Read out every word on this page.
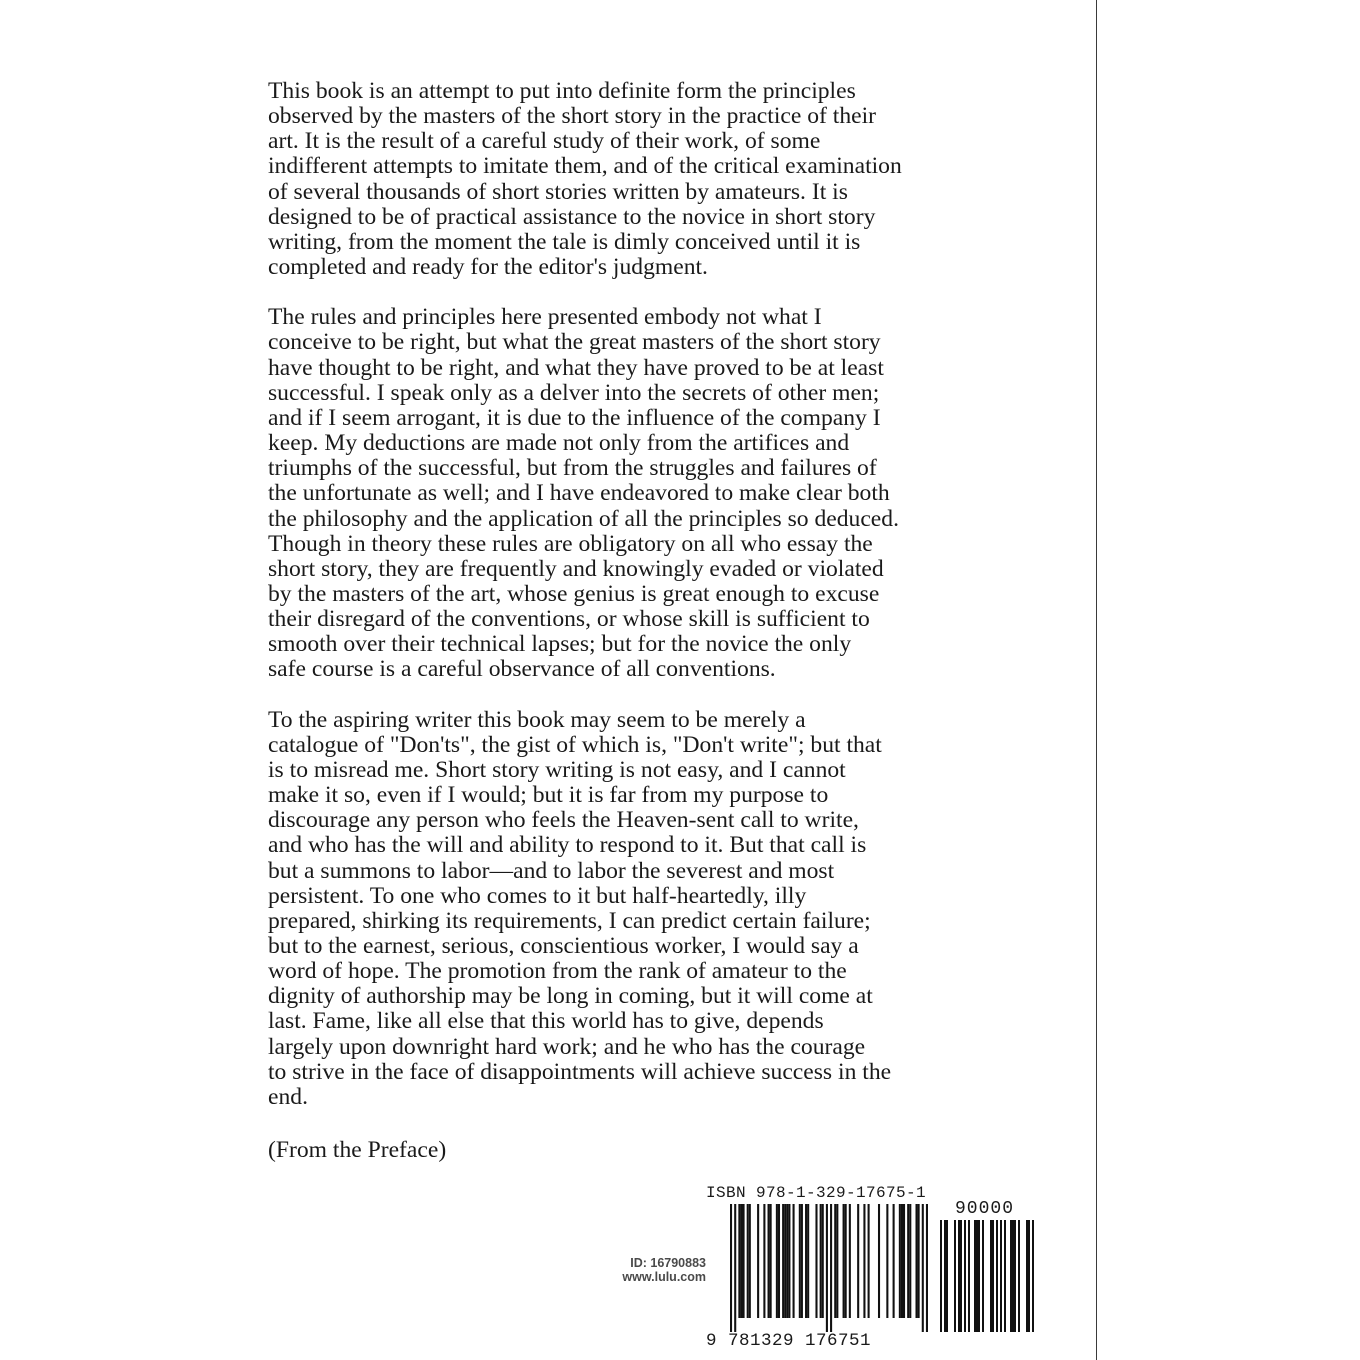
This book is an attempt to put into definite form the principles
observed by the masters of the short story in the practice of their
art. It is the result of a careful study of their work, of some
indifferent attempts to imitate them, and of the critical examination
of several thousands of short stories written by amateurs. It is
designed to be of practical assistance to the novice in short story
writing, from the moment the tale is dimly conceived until it is
completed and ready for the editor's judgment.

The rules and principles here presented embody not what I
conceive to be right, but what the great masters of the short story
have thought to be right, and what they have proved to be at least
successful. I speak only as a delver into the secrets of other men;
and if I seem arrogant, it is due to the influence of the company I
keep. My deductions are made not only from the artifices and
triumphs of the successful, but from the struggles and failures of
the unfortunate as well; and I have endeavored to make clear both
the philosophy and the application of all the principles so deduced.
Though in theory these rules are obligatory on all who essay the
short story, they are frequently and knowingly evaded or violated
by the masters of the art, whose genius is great enough to excuse
their disregard of the conventions, or whose skill is sufficient to
smooth over their technical lapses; but for the novice the only
safe course is a careful observance of all conventions.

To the aspiring writer this book may seem to be merely a
catalogue of "Don'ts", the gist of which is, "Don't write"; but that
is to misread me. Short story writing is not easy, and I cannot
make it so, even if I would; but it is far from my purpose to
discourage any person who feels the Heaven-sent call to write,
and who has the will and ability to respond to it. But that call is
but a summons to labor—and to labor the severest and most
persistent. To one who comes to it but half-heartedly, illy
prepared, shirking its requirements, I can predict certain failure;
but to the earnest, serious, conscientious worker, I would say a
word of hope. The promotion from the rank of amateur to the
dignity of authorship may be long in coming, but it will come at
last. Fame, like all else that this world has to give, depends
largely upon downright hard work; and he who has the courage
to strive in the face of disappointments will achieve success in the
end.

(From the Preface)
ID: 16790883
www.lulu.com
ISBN 978-1-329-17675-1
90000
9 781329 176751
